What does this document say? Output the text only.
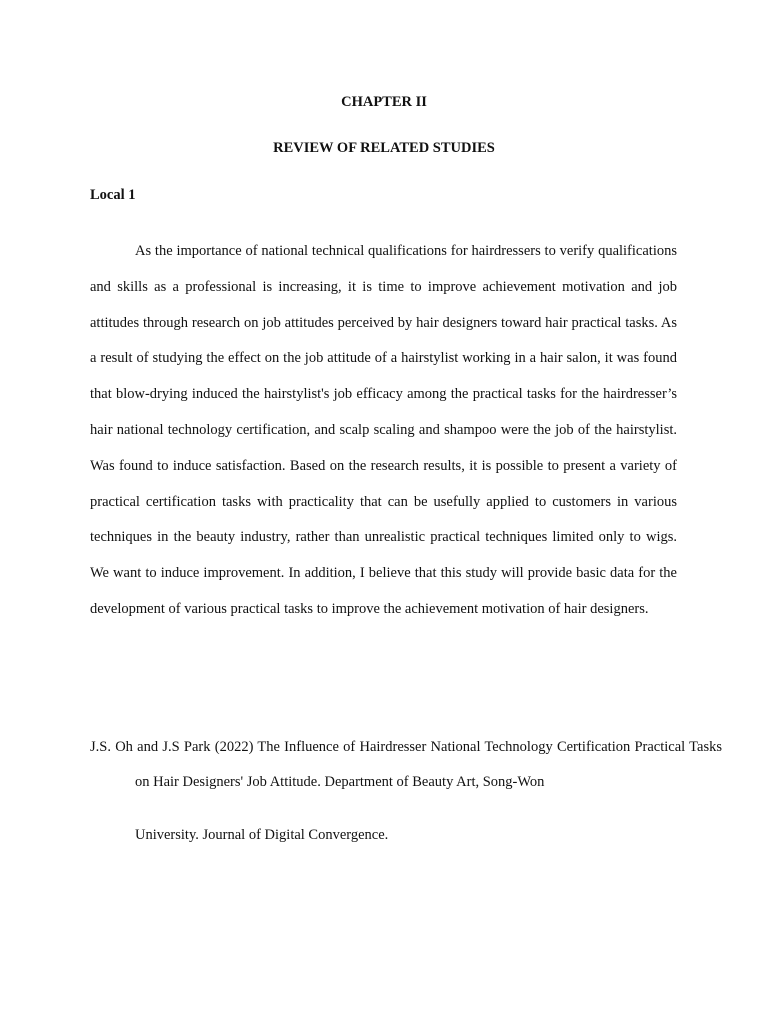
CHAPTER II
REVIEW OF RELATED STUDIES
Local 1

As the importance of national technical qualifications for hairdressers to verify qualifications and skills as a professional is increasing, it is time to improve achievement motivation and job attitudes through research on job attitudes perceived by hair designers toward hair practical tasks. As a result of studying the effect on the job attitude of a hairstylist working in a hair salon, it was found that blow-drying induced the hairstylist's job efficacy among the practical tasks for the hairdresser’s hair national technology certification, and scalp scaling and shampoo were the job of the hairstylist. Was found to induce satisfaction. Based on the research results, it is possible to present a variety of practical certification tasks with practicality that can be usefully applied to customers in various techniques in the beauty industry, rather than unrealistic practical techniques limited only to wigs. We want to induce improvement. In addition, I believe that this study will provide basic data for the development of various practical tasks to improve the achievement motivation of hair designers.

J.S. Oh and J.S Park (2022) The Influence of Hairdresser National Technology Certification Practical Tasks on Hair Designers' Job Attitude. Department of Beauty Art, Song-Won

University. Journal of Digital Convergence.
